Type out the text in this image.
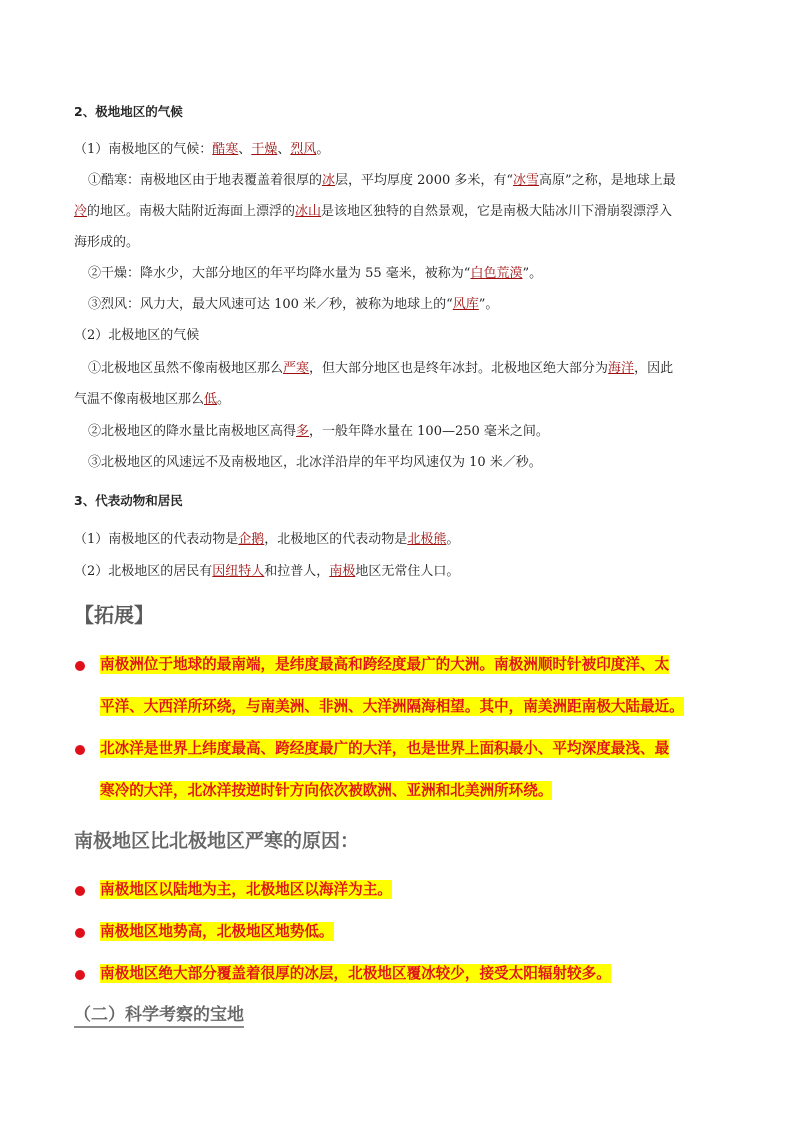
2、极地地区的气候
（1）南极地区的气候：酷寒、干燥、烈风。
①酷寒：南极地区由于地表覆盖着很厚的冰层，平均厚度 2000 多米，有“冰雪高原”之称，是地球上最
冷的地区。南极大陆附近海面上漂浮的冰山是该地区独特的自然景观，它是南极大陆冰川下滑崩裂漂浮入
海形成的。
②干燥：降水少，大部分地区的年平均降水量为 55 毫米，被称为“白色荒漠”。
③烈风：风力大，最大风速可达 100 米／秒，被称为地球上的“风库”。
（2）北极地区的气候
①北极地区虽然不像南极地区那么严寒，但大部分地区也是终年冰封。北极地区绝大部分为海洋，因此
气温不像南极地区那么低。
②北极地区的降水量比南极地区高得多，一般年降水量在 100—250 毫米之间。
③北极地区的风速远不及南极地区，北冰洋沿岸的年平均风速仅为 10 米／秒。
3、代表动物和居民
（1）南极地区的代表动物是企鹅，北极地区的代表动物是北极熊。
（2）北极地区的居民有因纽特人和拉普人，南极地区无常住人口。
【拓展】
南极洲位于地球的最南端，是纬度最高和跨经度最广的大洲。南极洲顺时针被印度洋、太
平洋、大西洋所环绕，与南美洲、非洲、大洋洲隔海相望。其中，南美洲距南极大陆最近。
北冰洋是世界上纬度最高、跨经度最广的大洋，也是世界上面积最小、平均深度最浅、最
寒冷的大洋，北冰洋按逆时针方向依次被欧洲、亚洲和北美洲所环绕。
南极地区比北极地区严寒的原因：
南极地区以陆地为主，北极地区以海洋为主。
南极地区地势高，北极地区地势低。
南极地区绝大部分覆盖着很厚的冰层，北极地区覆冰较少，接受太阳辐射较多。
（二）科学考察的宝地
